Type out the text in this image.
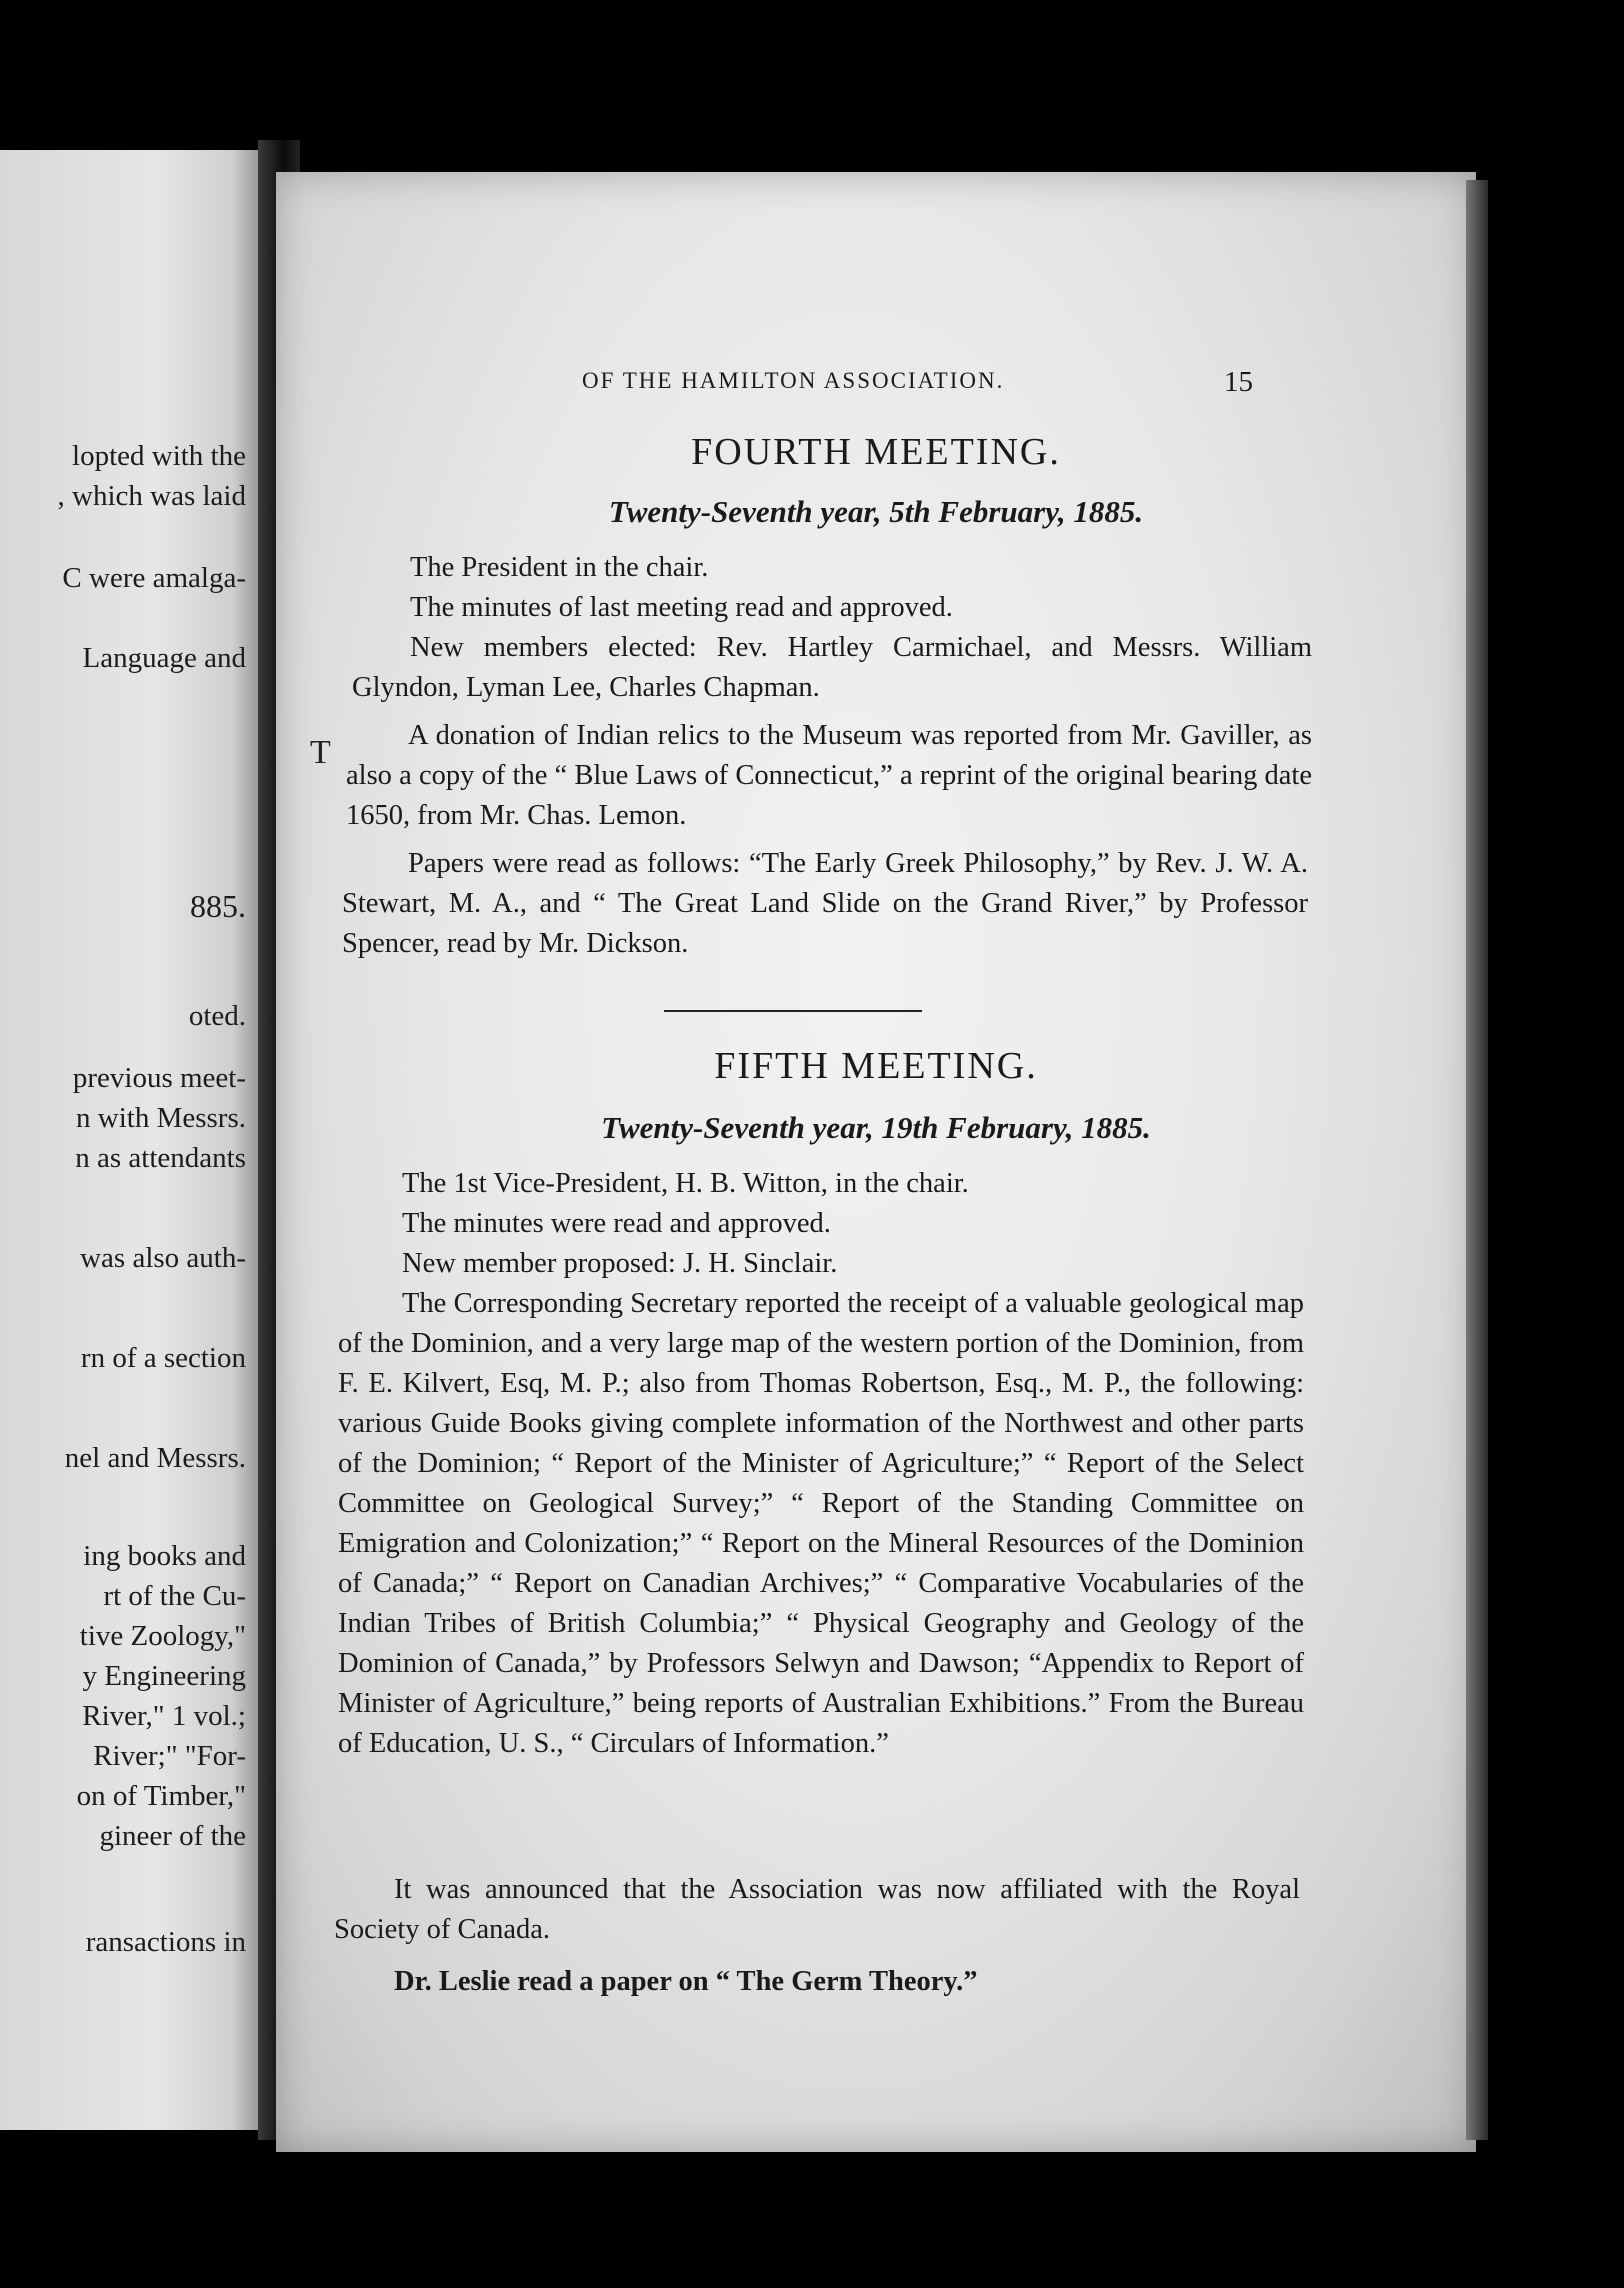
lopted with the
, which was laid
C were amalga-
Language and
885.
oted.
previous meet-
n with Messrs.
n as attendants
was also auth-
rn of a section
nel and Messrs.
ing books and
rt of the Cu-
tive Zoology,"
y Engineering
River," 1 vol.;
River;" "For-
on of Timber,"
gineer of the
ransactions in
OF THE HAMILTON ASSOCIATION.	15
T
FOURTH MEETING.
Twenty-Seventh year, 5th February, 1885.

The President in the chair.

The minutes of last meeting read and approved.

New members elected: Rev. Hartley Carmichael, and Messrs. William Glyndon, Lyman Lee, Charles Chapman.

A donation of Indian relics to the Museum was reported from Mr. Gaviller, as also a copy of the “ Blue Laws of Connecticut,” a reprint of the original bearing date 1650, from Mr. Chas. Lemon.

Papers were read as follows: “The Early Greek Philosophy,” by Rev. J. W. A. Stewart, M. A., and “ The Great Land Slide on the Grand River,” by Professor Spencer, read by Mr. Dickson.

FIFTH MEETING.
Twenty-Seventh year, 19th February, 1885.

The 1st Vice-President, H. B. Witton, in the chair.

The minutes were read and approved.

New member proposed: J. H. Sinclair.

The Corresponding Secretary reported the receipt of a valuable geological map of the Dominion, and a very large map of the western portion of the Dominion, from F. E. Kilvert, Esq, M. P.; also from Thomas Robertson, Esq., M. P., the following: various Guide Books giving complete information of the Northwest and other parts of the Dominion; “ Report of the Minister of Agriculture;” “ Report of the Select Committee on Geological Survey;” “ Report of the Standing Committee on Emigration and Colonization;” “ Report on the Mineral Resources of the Dominion of Canada;” “ Report on Canadian Archives;” “ Comparative Vocabularies of the Indian Tribes of British Columbia;” “ Physical Geography and Geology of the Dominion of Canada,” by Professors Selwyn and Dawson; “Appendix to Report of Minister of Agriculture,” being reports of Australian Exhibitions.” From the Bureau of Education, U. S., “ Circulars of Information.”

It was announced that the Association was now affiliated with the Royal Society of Canada.

Dr. Leslie read a paper on “ The Germ Theory.”
